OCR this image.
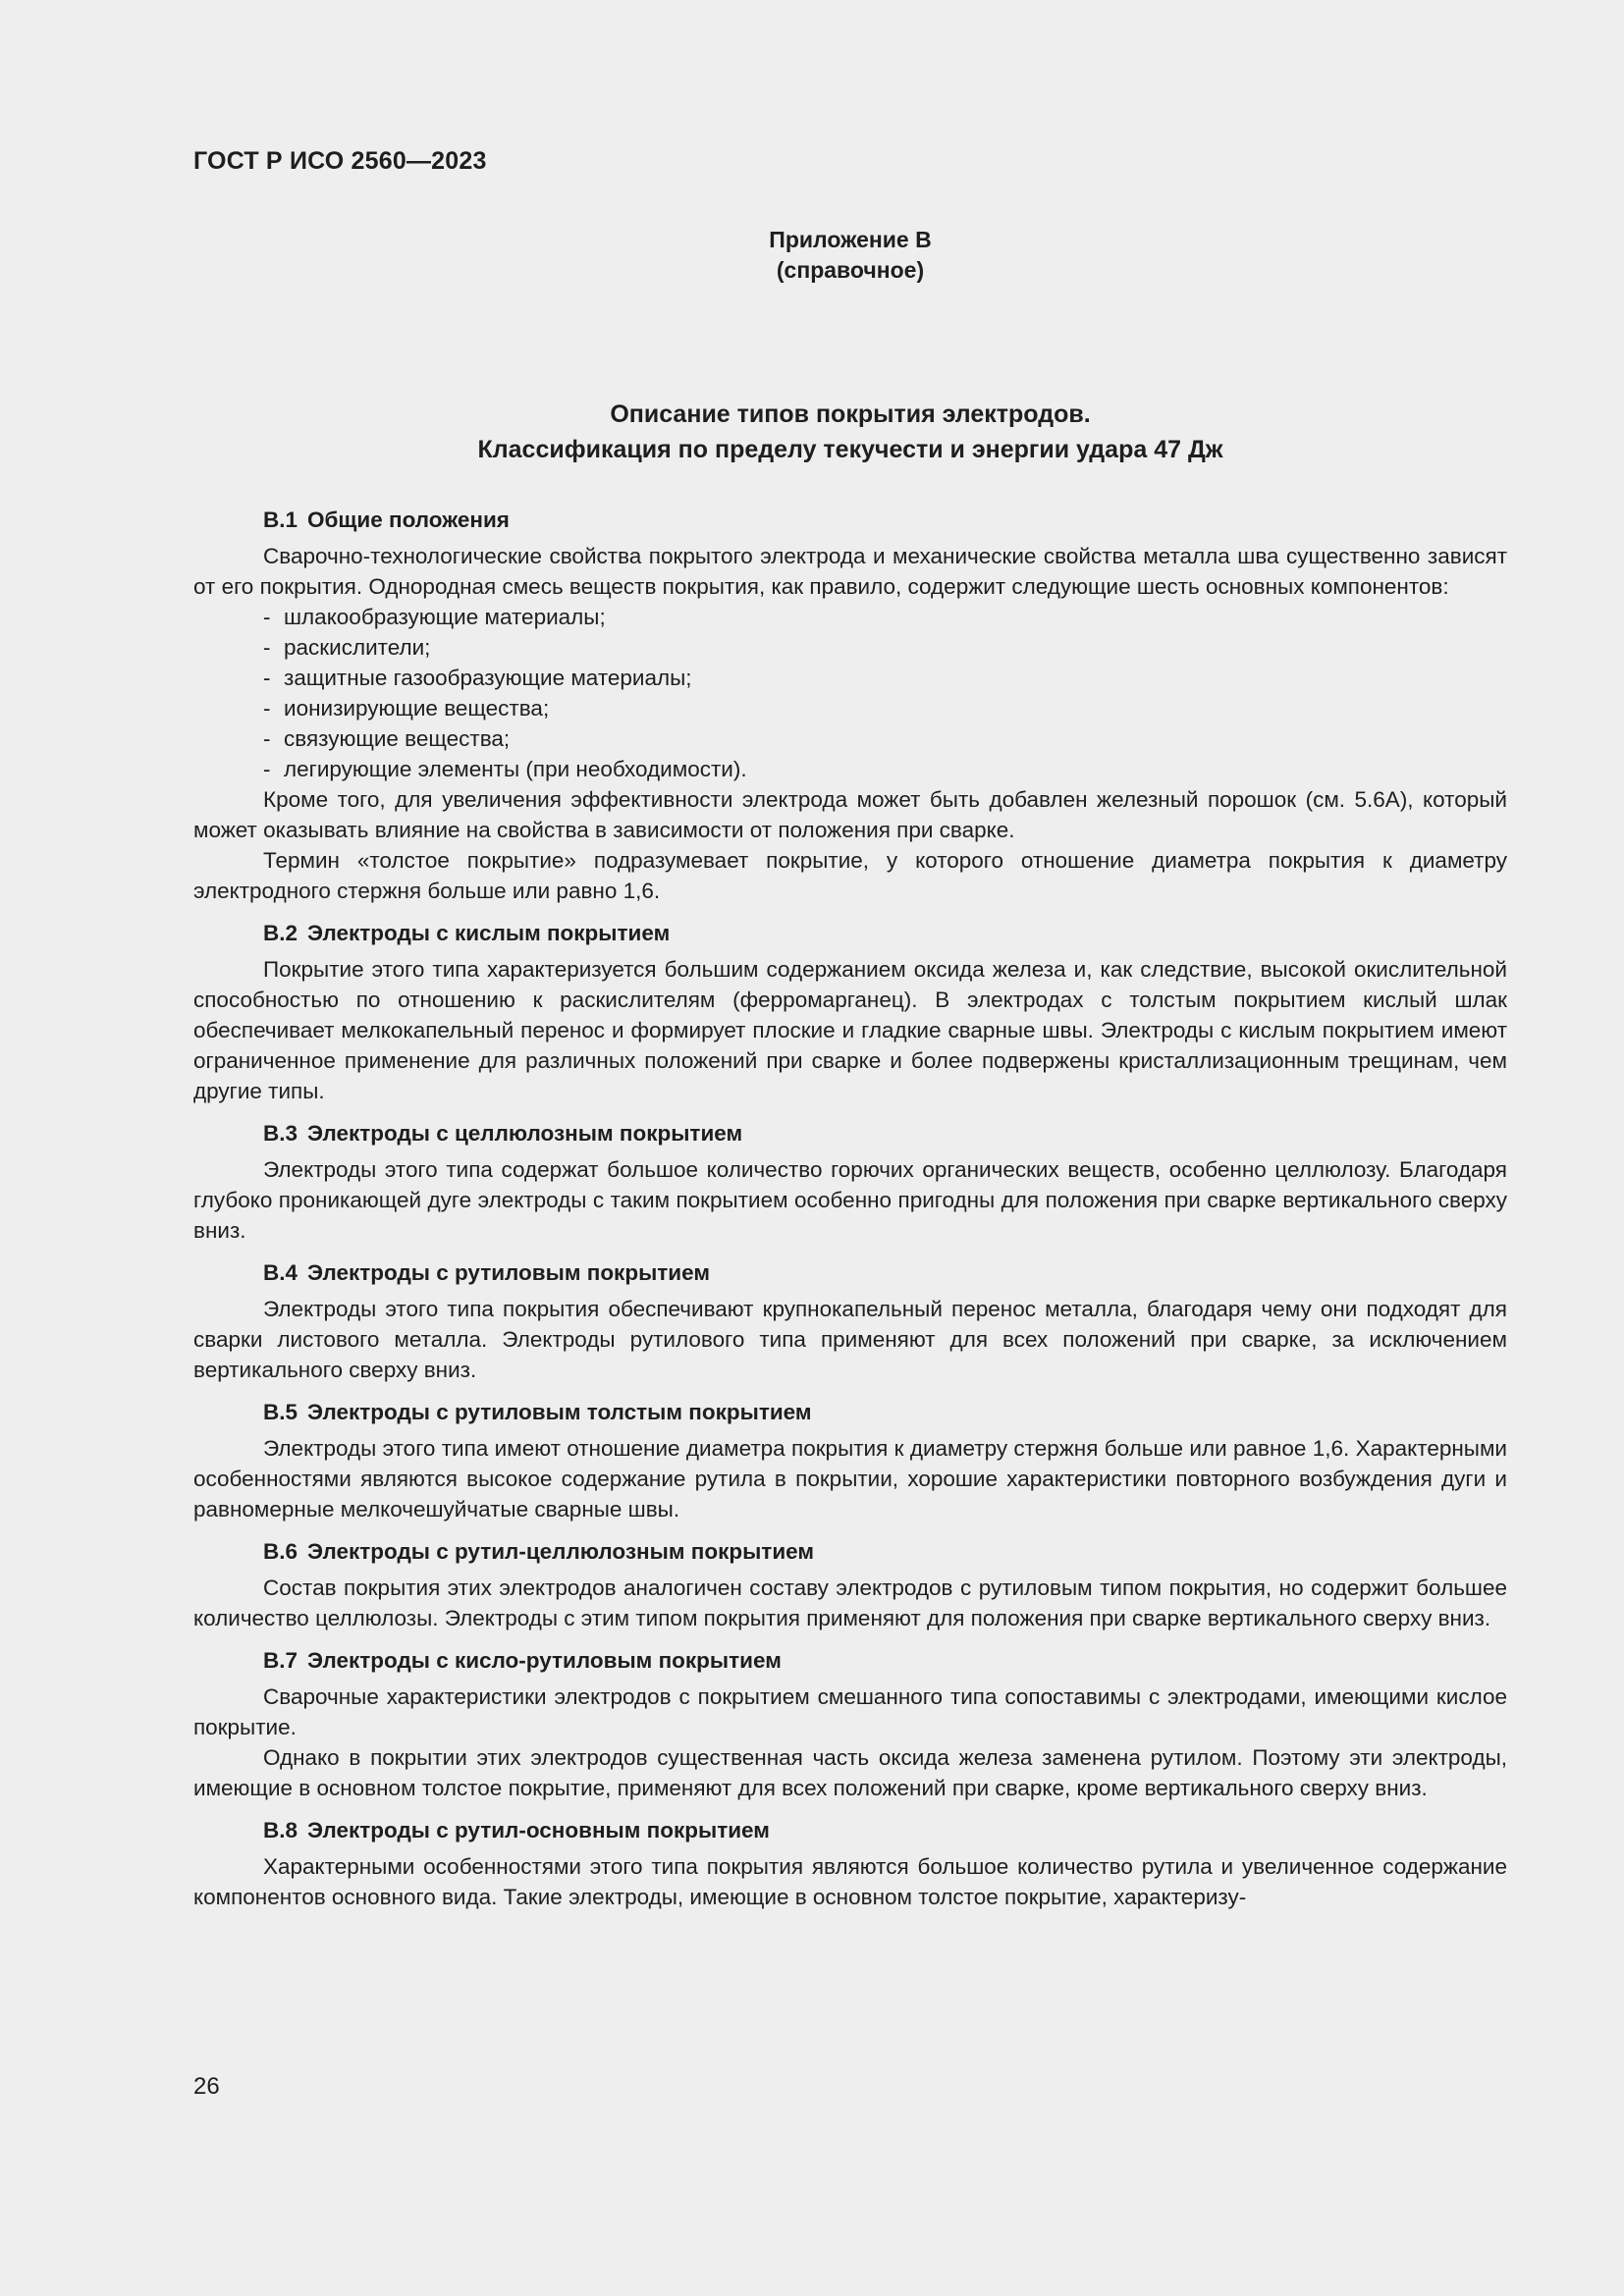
ГОСТ Р ИСО 2560—2023
Приложение В
(справочное)
Описание типов покрытия электродов.
Классификация по пределу текучести и энергии удара 47 Дж

В.1 Общие положения

Сварочно-технологические свойства покрытого электрода и механические свойства металла шва существенно зависят от его покрытия. Однородная смесь веществ покрытия, как правило, содержит следующие шесть основных компонентов:

- шлакообразующие материалы;
- раскислители;
- защитные газообразующие материалы;
- ионизирующие вещества;
- связующие вещества;
- легирующие элементы (при необходимости).

Кроме того, для увеличения эффективности электрода может быть добавлен железный порошок (см. 5.6А), который может оказывать влияние на свойства в зависимости от положения при сварке.

Термин «толстое покрытие» подразумевает покрытие, у которого отношение диаметра покрытия к диаметру электродного стержня больше или равно 1,6.

В.2 Электроды с кислым покрытием

Покрытие этого типа характеризуется большим содержанием оксида железа и, как следствие, высокой окислительной способностью по отношению к раскислителям (ферромарганец). В электродах с толстым покрытием кислый шлак обеспечивает мелкокапельный перенос и формирует плоские и гладкие сварные швы. Электроды с кислым покрытием имеют ограниченное применение для различных положений при сварке и более подвержены кристаллизационным трещинам, чем другие типы.

В.3 Электроды с целлюлозным покрытием

Электроды этого типа содержат большое количество горючих органических веществ, особенно целлюлозу. Благодаря глубоко проникающей дуге электроды с таким покрытием особенно пригодны для положения при сварке вертикального сверху вниз.

В.4 Электроды с рутиловым покрытием

Электроды этого типа покрытия обеспечивают крупнокапельный перенос металла, благодаря чему они подходят для сварки листового металла. Электроды рутилового типа применяют для всех положений при сварке, за исключением вертикального сверху вниз.

В.5 Электроды с рутиловым толстым покрытием

Электроды этого типа имеют отношение диаметра покрытия к диаметру стержня больше или равное 1,6. Характерными особенностями являются высокое содержание рутила в покрытии, хорошие характеристики повторного возбуждения дуги и равномерные мелкочешуйчатые сварные швы.

В.6 Электроды с рутил-целлюлозным покрытием

Состав покрытия этих электродов аналогичен составу электродов с рутиловым типом покрытия, но содержит большее количество целлюлозы. Электроды с этим типом покрытия применяют для положения при сварке вертикального сверху вниз.

В.7 Электроды с кисло-рутиловым покрытием

Сварочные характеристики электродов с покрытием смешанного типа сопоставимы с электродами, имеющими кислое покрытие.

Однако в покрытии этих электродов существенная часть оксида железа заменена рутилом. Поэтому эти электроды, имеющие в основном толстое покрытие, применяют для всех положений при сварке, кроме вертикального сверху вниз.

В.8 Электроды с рутил-основным покрытием

Характерными особенностями этого типа покрытия являются большое количество рутила и увеличенное содержание компонентов основного вида. Такие электроды, имеющие в основном толстое покрытие, характеризу-

26
